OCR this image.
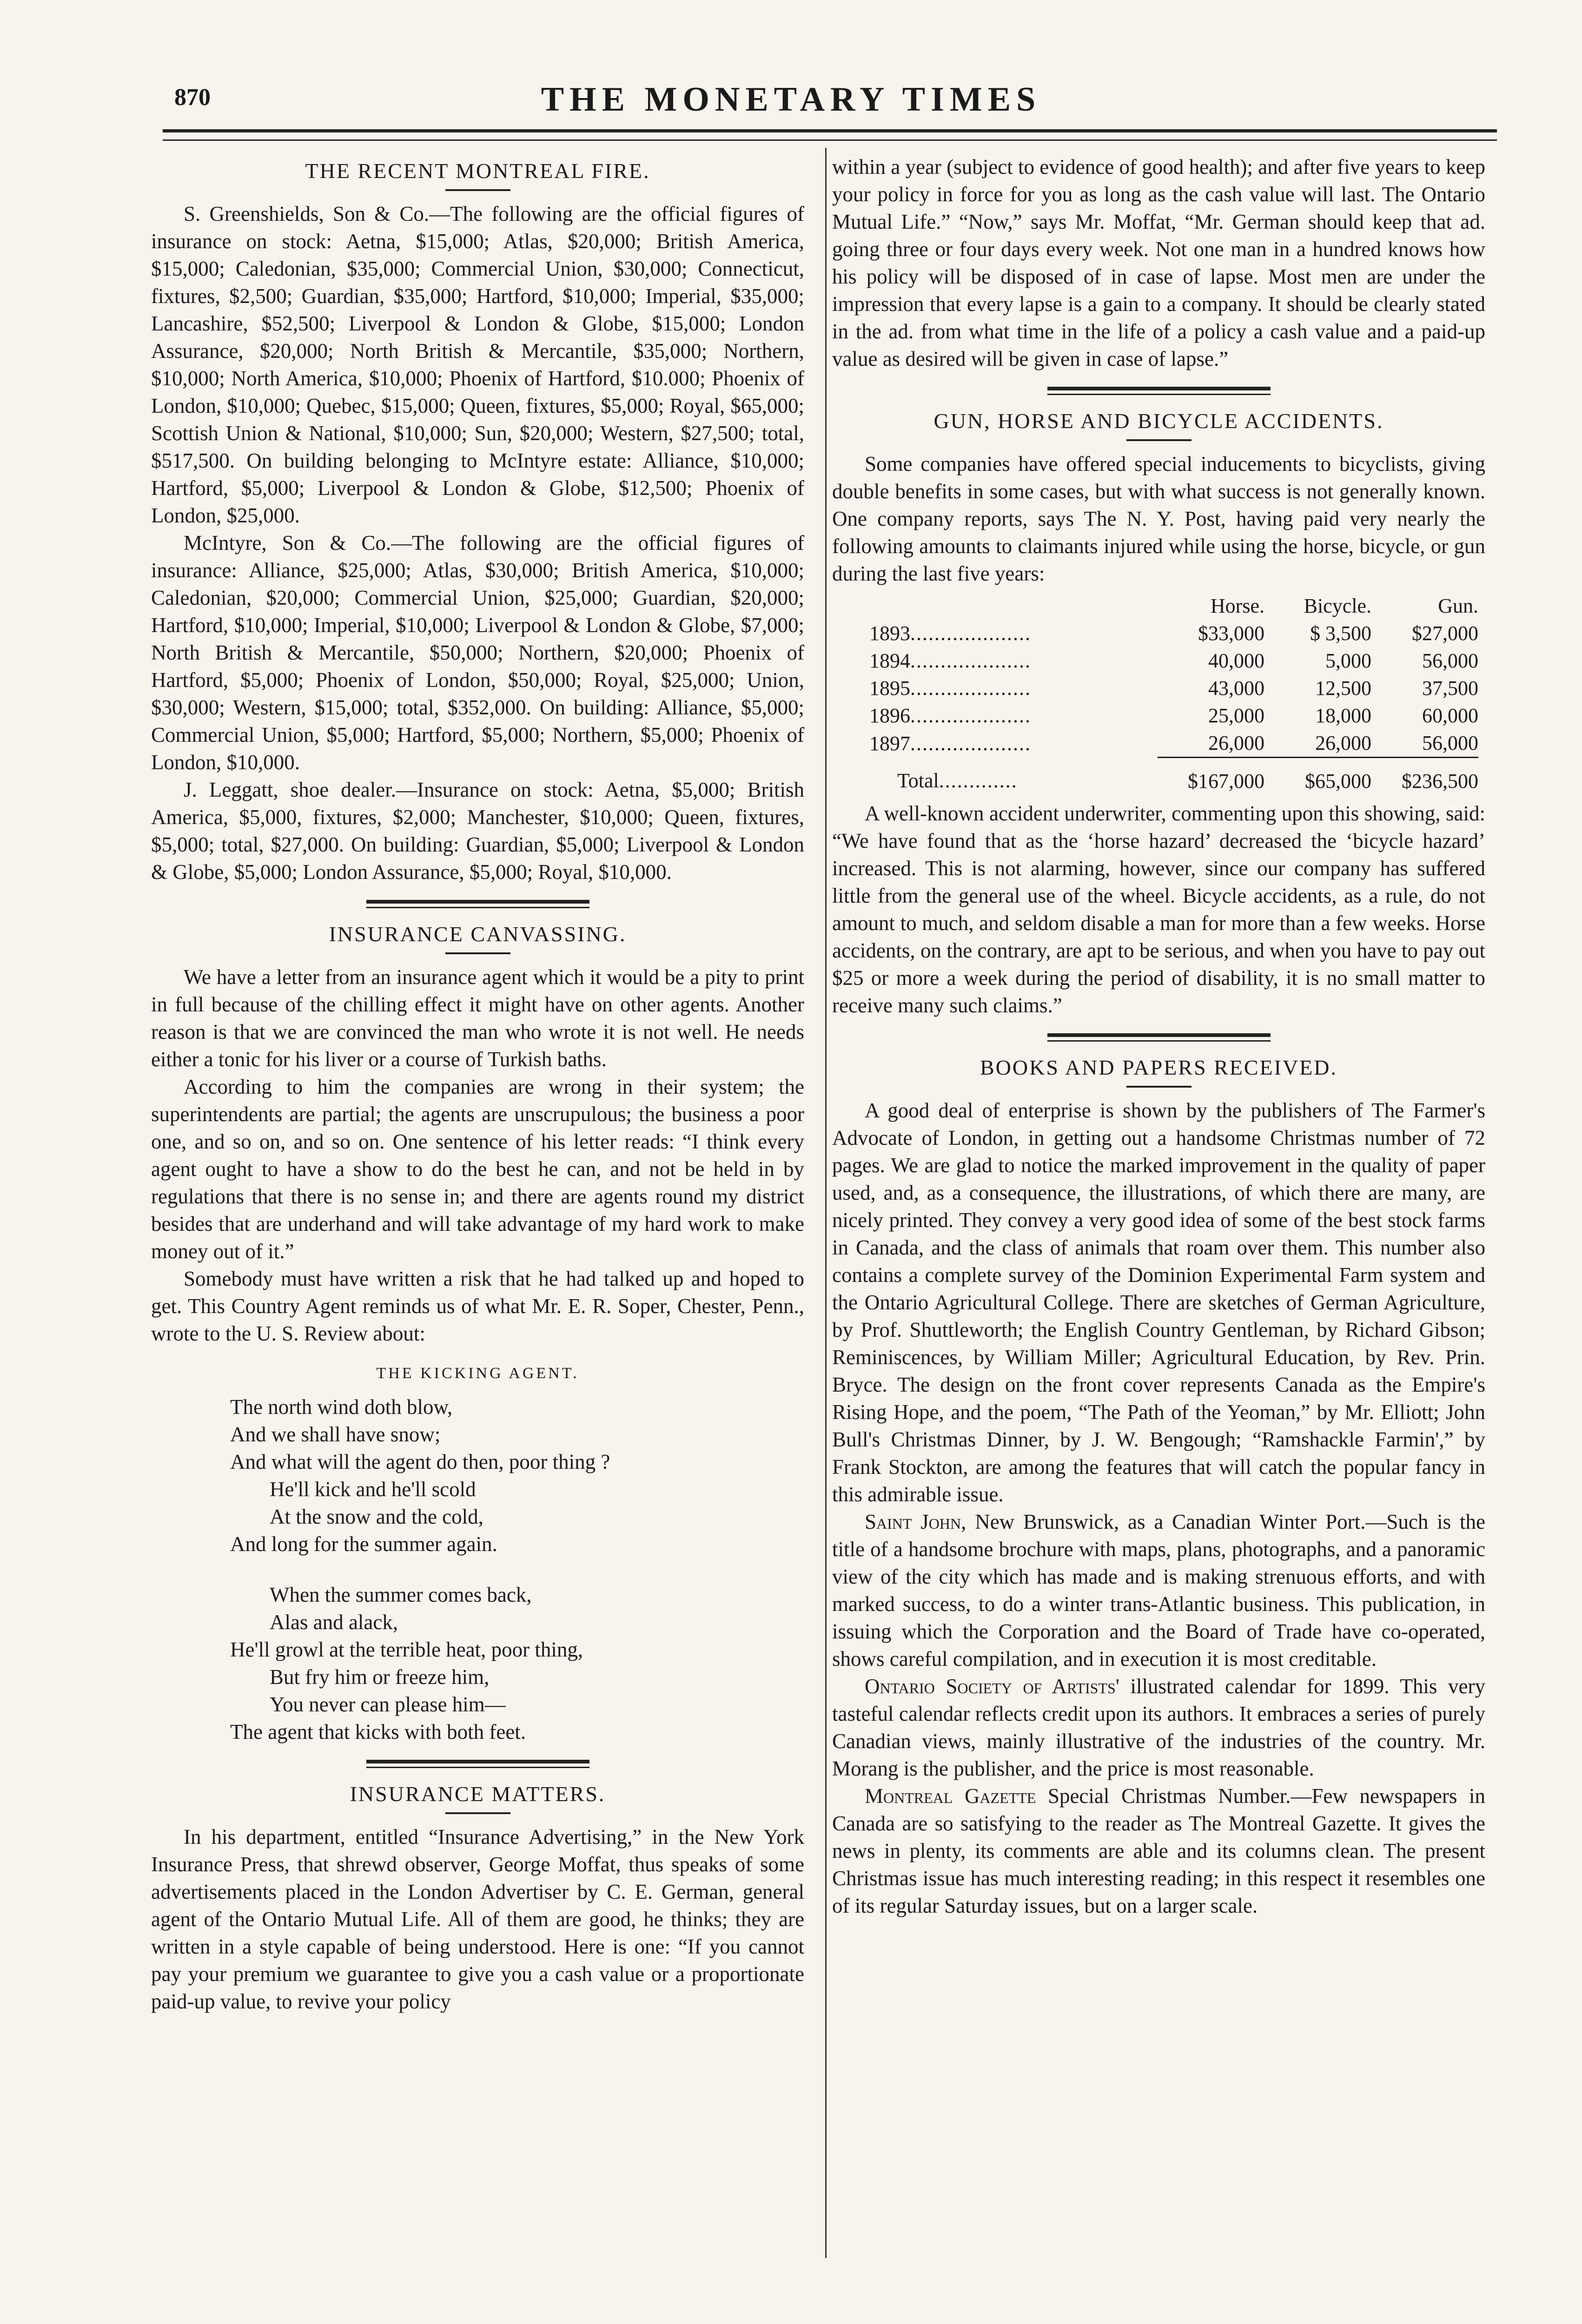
870	THE MONETARY TIMES
THE RECENT MONTREAL FIRE.

S. Greenshields, Son & Co.—The following are the official figures of insurance on stock: Aetna, $15,000; Atlas, $20,000; British America, $15,000; Caledonian, $35,000; Commercial Union, $30,000; Connecticut, fixtures, $2,500; Guardian, $35,000; Hartford, $10,000; Imperial, $35,000; Lancashire, $52,500; Liverpool & London & Globe, $15,000; London Assurance, $20,000; North British & Mercantile, $35,000; Northern, $10,000; North America, $10,000; Phoenix of Hartford, $10.000; Phoenix of London, $10,000; Quebec, $15,000; Queen, fixtures, $5,000; Royal, $65,000; Scottish Union & National, $10,000; Sun, $20,000; Western, $27,500; total, $517,500. On building belonging to McIntyre estate: Alliance, $10,000; Hartford, $5,000; Liverpool & London & Globe, $12,500; Phoenix of London, $25,000.

McIntyre, Son & Co.—The following are the official figures of insurance: Alliance, $25,000; Atlas, $30,000; British America, $10,000; Caledonian, $20,000; Commercial Union, $25,000; Guardian, $20,000; Hartford, $10,000; Imperial, $10,000; Liverpool & London & Globe, $7,000; North British & Mercantile, $50,000; Northern, $20,000; Phoenix of Hartford, $5,000; Phoenix of London, $50,000; Royal, $25,000; Union, $30,000; Western, $15,000; total, $352,000. On building: Alliance, $5,000; Commercial Union, $5,000; Hartford, $5,000; Northern, $5,000; Phoenix of London, $10,000.

J. Leggatt, shoe dealer.—Insurance on stock: Aetna, $5,000; British America, $5,000, fixtures, $2,000; Manchester, $10,000; Queen, fixtures, $5,000; total, $27,000. On building: Guardian, $5,000; Liverpool & London & Globe, $5,000; London Assurance, $5,000; Royal, $10,000.

INSURANCE CANVASSING.

We have a letter from an insurance agent which it would be a pity to print in full because of the chilling effect it might have on other agents. Another reason is that we are convinced the man who wrote it is not well. He needs either a tonic for his liver or a course of Turkish baths.

According to him the companies are wrong in their system; the superintendents are partial; the agents are unscrupulous; the business a poor one, and so on, and so on. One sentence of his letter reads: “I think every agent ought to have a show to do the best he can, and not be held in by regulations that there is no sense in; and there are agents round my district besides that are underhand and will take advantage of my hard work to make money out of it.”

Somebody must have written a risk that he had talked up and hoped to get. This Country Agent reminds us of what Mr. E. R. Soper, Chester, Penn., wrote to the U. S. Review about:

THE KICKING AGENT.

The north wind doth blow,

And we shall have snow;

And what will the agent do then, poor thing ?

He'll kick and he'll scold

At the snow and the cold,

And long for the summer again.

When the summer comes back,

Alas and alack,

He'll growl at the terrible heat, poor thing,

But fry him or freeze him,

You never can please him—

The agent that kicks with both feet.

INSURANCE MATTERS.

In his department, entitled “Insurance Advertising,” in the New York Insurance Press, that shrewd observer, George Moffat, thus speaks of some advertisements placed in the London Advertiser by C. E. German, general agent of the Ontario Mutual Life. All of them are good, he thinks; they are written in a style capable of being understood. Here is one: “If you cannot pay your premium we guarantee to give you a cash value or a proportionate paid-up value, to revive your policy

within a year (subject to evidence of good health); and after five years to keep your policy in force for you as long as the cash value will last. The Ontario Mutual Life.” “Now,” says Mr. Moffat, “Mr. German should keep that ad. going three or four days every week. Not one man in a hundred knows how his policy will be disposed of in case of lapse. Most men are under the impression that every lapse is a gain to a company. It should be clearly stated in the ad. from what time in the life of a policy a cash value and a paid-up value as desired will be given in case of lapse.”

GUN, HORSE AND BICYCLE ACCIDENTS.

Some companies have offered special inducements to bicyclists, giving double benefits in some cases, but with what success is not generally known. One company reports, says The N. Y. Post, having paid very nearly the following amounts to claimants injured while using the horse, bicycle, or gun during the last five years:

	Horse.	Bicycle.	Gun.
1893....................	$33,000	$ 3,500	$27,000
1894....................	40,000	5,000	56,000
1895....................	43,000	12,500	37,500
1896....................	25,000	18,000	60,000
1897....................	26,000	26,000	56,000
Total.............	$167,000	$65,000	$236,500

A well-known accident underwriter, commenting upon this showing, said: “We have found that as the ‘horse hazard’ decreased the ‘bicycle hazard’ increased. This is not alarming, however, since our company has suffered little from the general use of the wheel. Bicycle accidents, as a rule, do not amount to much, and seldom disable a man for more than a few weeks. Horse accidents, on the contrary, are apt to be serious, and when you have to pay out $25 or more a week during the period of disability, it is no small matter to receive many such claims.”

BOOKS AND PAPERS RECEIVED.

A good deal of enterprise is shown by the publishers of The Farmer's Advocate of London, in getting out a handsome Christmas number of 72 pages. We are glad to notice the marked improvement in the quality of paper used, and, as a consequence, the illustrations, of which there are many, are nicely printed. They convey a very good idea of some of the best stock farms in Canada, and the class of animals that roam over them. This number also contains a complete survey of the Dominion Experimental Farm system and the Ontario Agricultural College. There are sketches of German Agriculture, by Prof. Shuttleworth; the English Country Gentleman, by Richard Gibson; Reminiscences, by William Miller; Agricultural Education, by Rev. Prin. Bryce. The design on the front cover represents Canada as the Empire's Rising Hope, and the poem, “The Path of the Yeoman,” by Mr. Elliott; John Bull's Christmas Dinner, by J. W. Bengough; “Ramshackle Farmin',” by Frank Stockton, are among the features that will catch the popular fancy in this admirable issue.

Saint John, New Brunswick, as a Canadian Winter Port.—Such is the title of a handsome brochure with maps, plans, photographs, and a panoramic view of the city which has made and is making strenuous efforts, and with marked success, to do a winter trans-Atlantic business. This publication, in issuing which the Corporation and the Board of Trade have co-operated, shows careful compilation, and in execution it is most creditable.

Ontario Society of Artists' illustrated calendar for 1899. This very tasteful calendar reflects credit upon its authors. It embraces a series of purely Canadian views, mainly illustrative of the industries of the country. Mr. Morang is the publisher, and the price is most reasonable.

Montreal Gazette Special Christmas Number.—Few newspapers in Canada are so satisfying to the reader as The Montreal Gazette. It gives the news in plenty, its comments are able and its columns clean. The present Christmas issue has much interesting reading; in this respect it resembles one of its regular Saturday issues, but on a larger scale.
